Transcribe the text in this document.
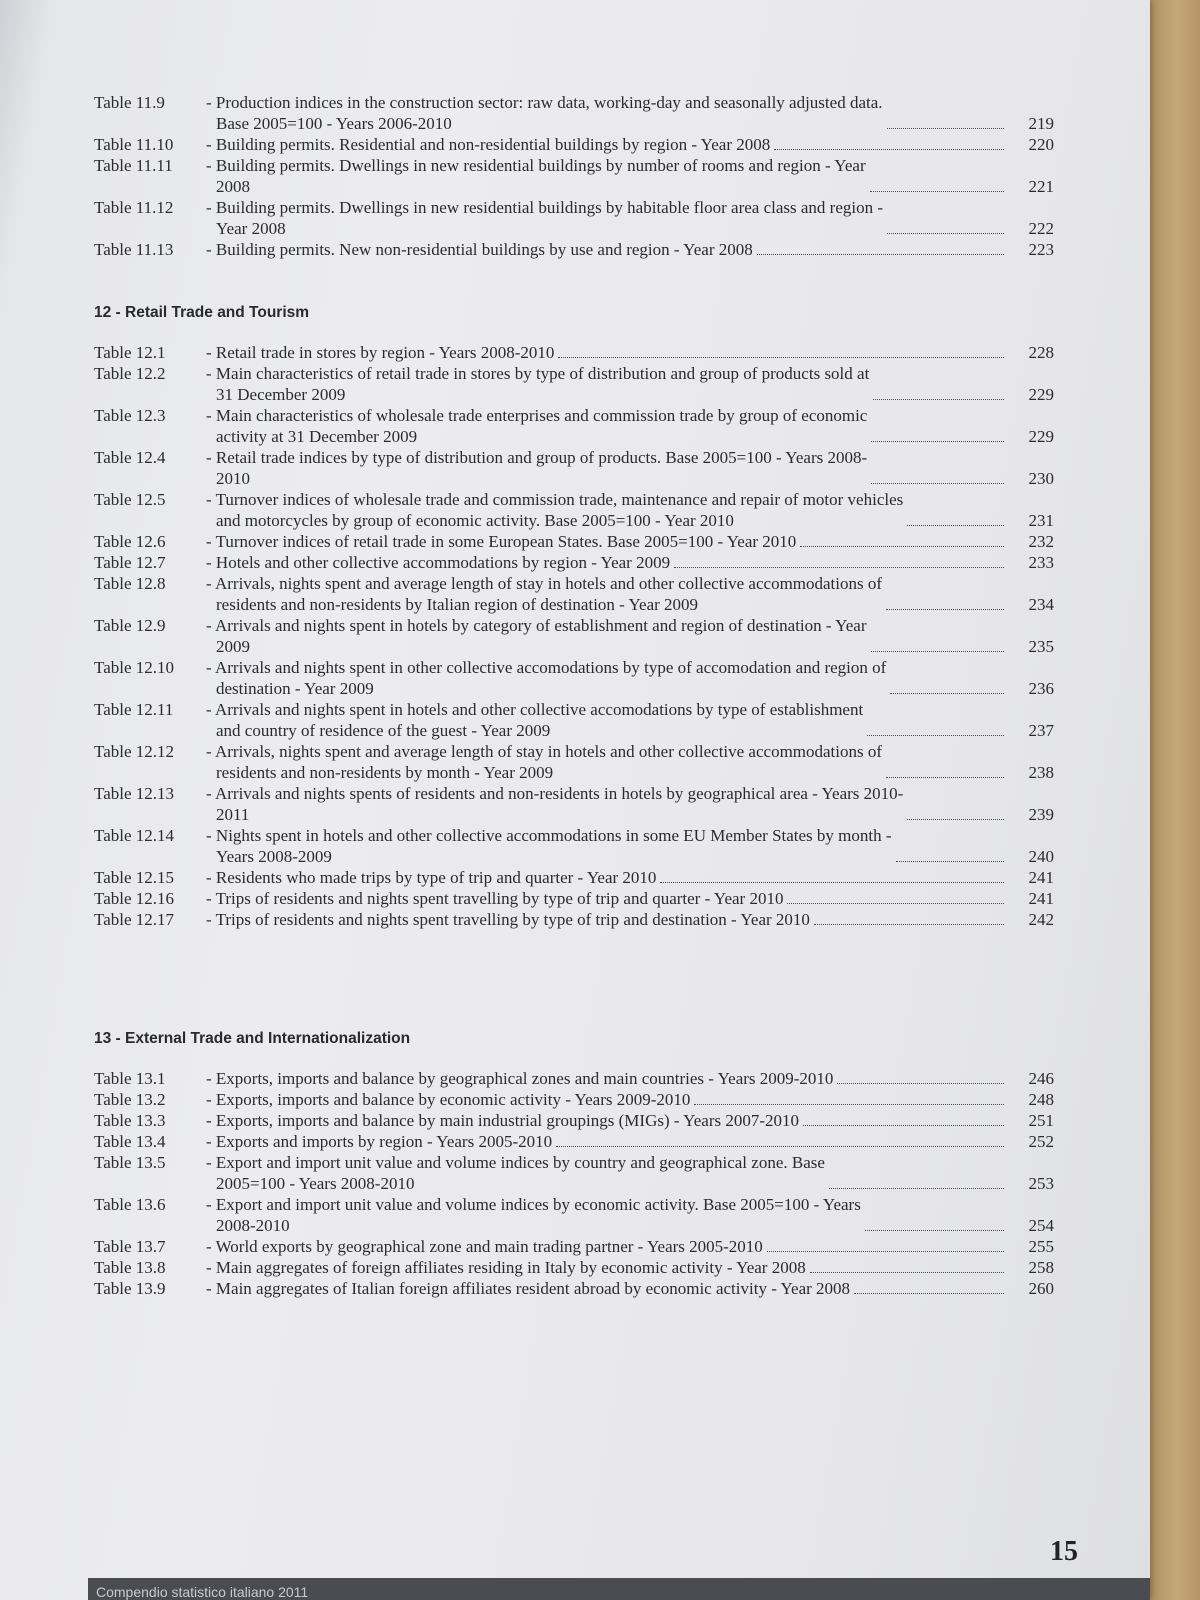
Table 11.9	- Production indices in the construction sector: raw data, working-day and seasonally adjusted data.
Base 2005=100 - Years 2006-2010	219
Table 11.10	- Building permits. Residential and non-residential buildings by region - Year 2008	220
Table 11.11	- Building permits. Dwellings in new residential buildings by number of rooms and region - Year
2008	221
Table 11.12	- Building permits. Dwellings in new residential buildings by habitable floor area class and region -
Year 2008	222
Table 11.13	- Building permits. New non-residential buildings by use and region - Year 2008	223
12 - Retail Trade and Tourism
Table 12.1	- Retail trade in stores by region - Years 2008-2010	228
Table 12.2	- Main characteristics of retail trade in stores by type of distribution and group of products sold at
31 December 2009	229
Table 12.3	- Main characteristics of wholesale trade enterprises and commission trade by group of economic
activity at 31 December 2009	229
Table 12.4	- Retail trade indices by type of distribution and group of products. Base 2005=100 - Years 2008-
2010	230
Table 12.5	- Turnover indices of wholesale trade and commission trade, maintenance and repair of motor vehicles
and motorcycles by group of economic activity. Base 2005=100 - Year 2010	231
Table 12.6	- Turnover indices of retail trade in some European States. Base 2005=100 - Year 2010	232
Table 12.7	- Hotels and other collective accommodations by region - Year 2009	233
Table 12.8	- Arrivals, nights spent and average length of stay in hotels and other collective accommodations of
residents and non-residents by Italian region of destination - Year 2009	234
Table 12.9	- Arrivals and nights spent in hotels by category of establishment and region of destination - Year
2009	235
Table 12.10	- Arrivals and nights spent in other collective accomodations by type of accomodation and region of
destination - Year 2009	236
Table 12.11	- Arrivals and nights spent in hotels and other collective accomodations by type of establishment
and country of residence of the guest - Year 2009	237
Table 12.12	- Arrivals, nights spent and average length of stay in hotels and other collective accommodations of
residents and non-residents by month - Year 2009	238
Table 12.13	- Arrivals and nights spents of residents and non-residents in hotels by geographical area - Years 2010-
2011	239
Table 12.14	- Nights spent in hotels and other collective accommodations in some EU Member States by month -
Years 2008-2009	240
Table 12.15	- Residents who made trips by type of trip and quarter - Year 2010	241
Table 12.16	- Trips of residents and nights spent travelling by type of trip and quarter - Year 2010	241
Table 12.17	- Trips of residents and nights spent travelling by type of trip and destination - Year 2010	242
13 - External Trade and Internationalization
Table 13.1	- Exports, imports and balance by geographical zones and main countries - Years 2009-2010	246
Table 13.2	- Exports, imports and balance by economic activity - Years 2009-2010	248
Table 13.3	- Exports, imports and balance by main industrial groupings (MIGs) - Years 2007-2010	251
Table 13.4	- Exports and imports by region - Years 2005-2010	252
Table 13.5	- Export and import unit value and volume indices by country and geographical zone. Base
2005=100 - Years 2008-2010	253
Table 13.6	- Export and import unit value and volume indices by economic activity. Base 2005=100 - Years
2008-2010	254
Table 13.7	- World exports by geographical zone and main trading partner - Years 2005-2010	255
Table 13.8	- Main aggregates of foreign affiliates residing in Italy by economic activity - Year 2008	258
Table 13.9	- Main aggregates of Italian foreign affiliates resident abroad by economic activity - Year 2008	260
15
Compendio statistico italiano 2011
